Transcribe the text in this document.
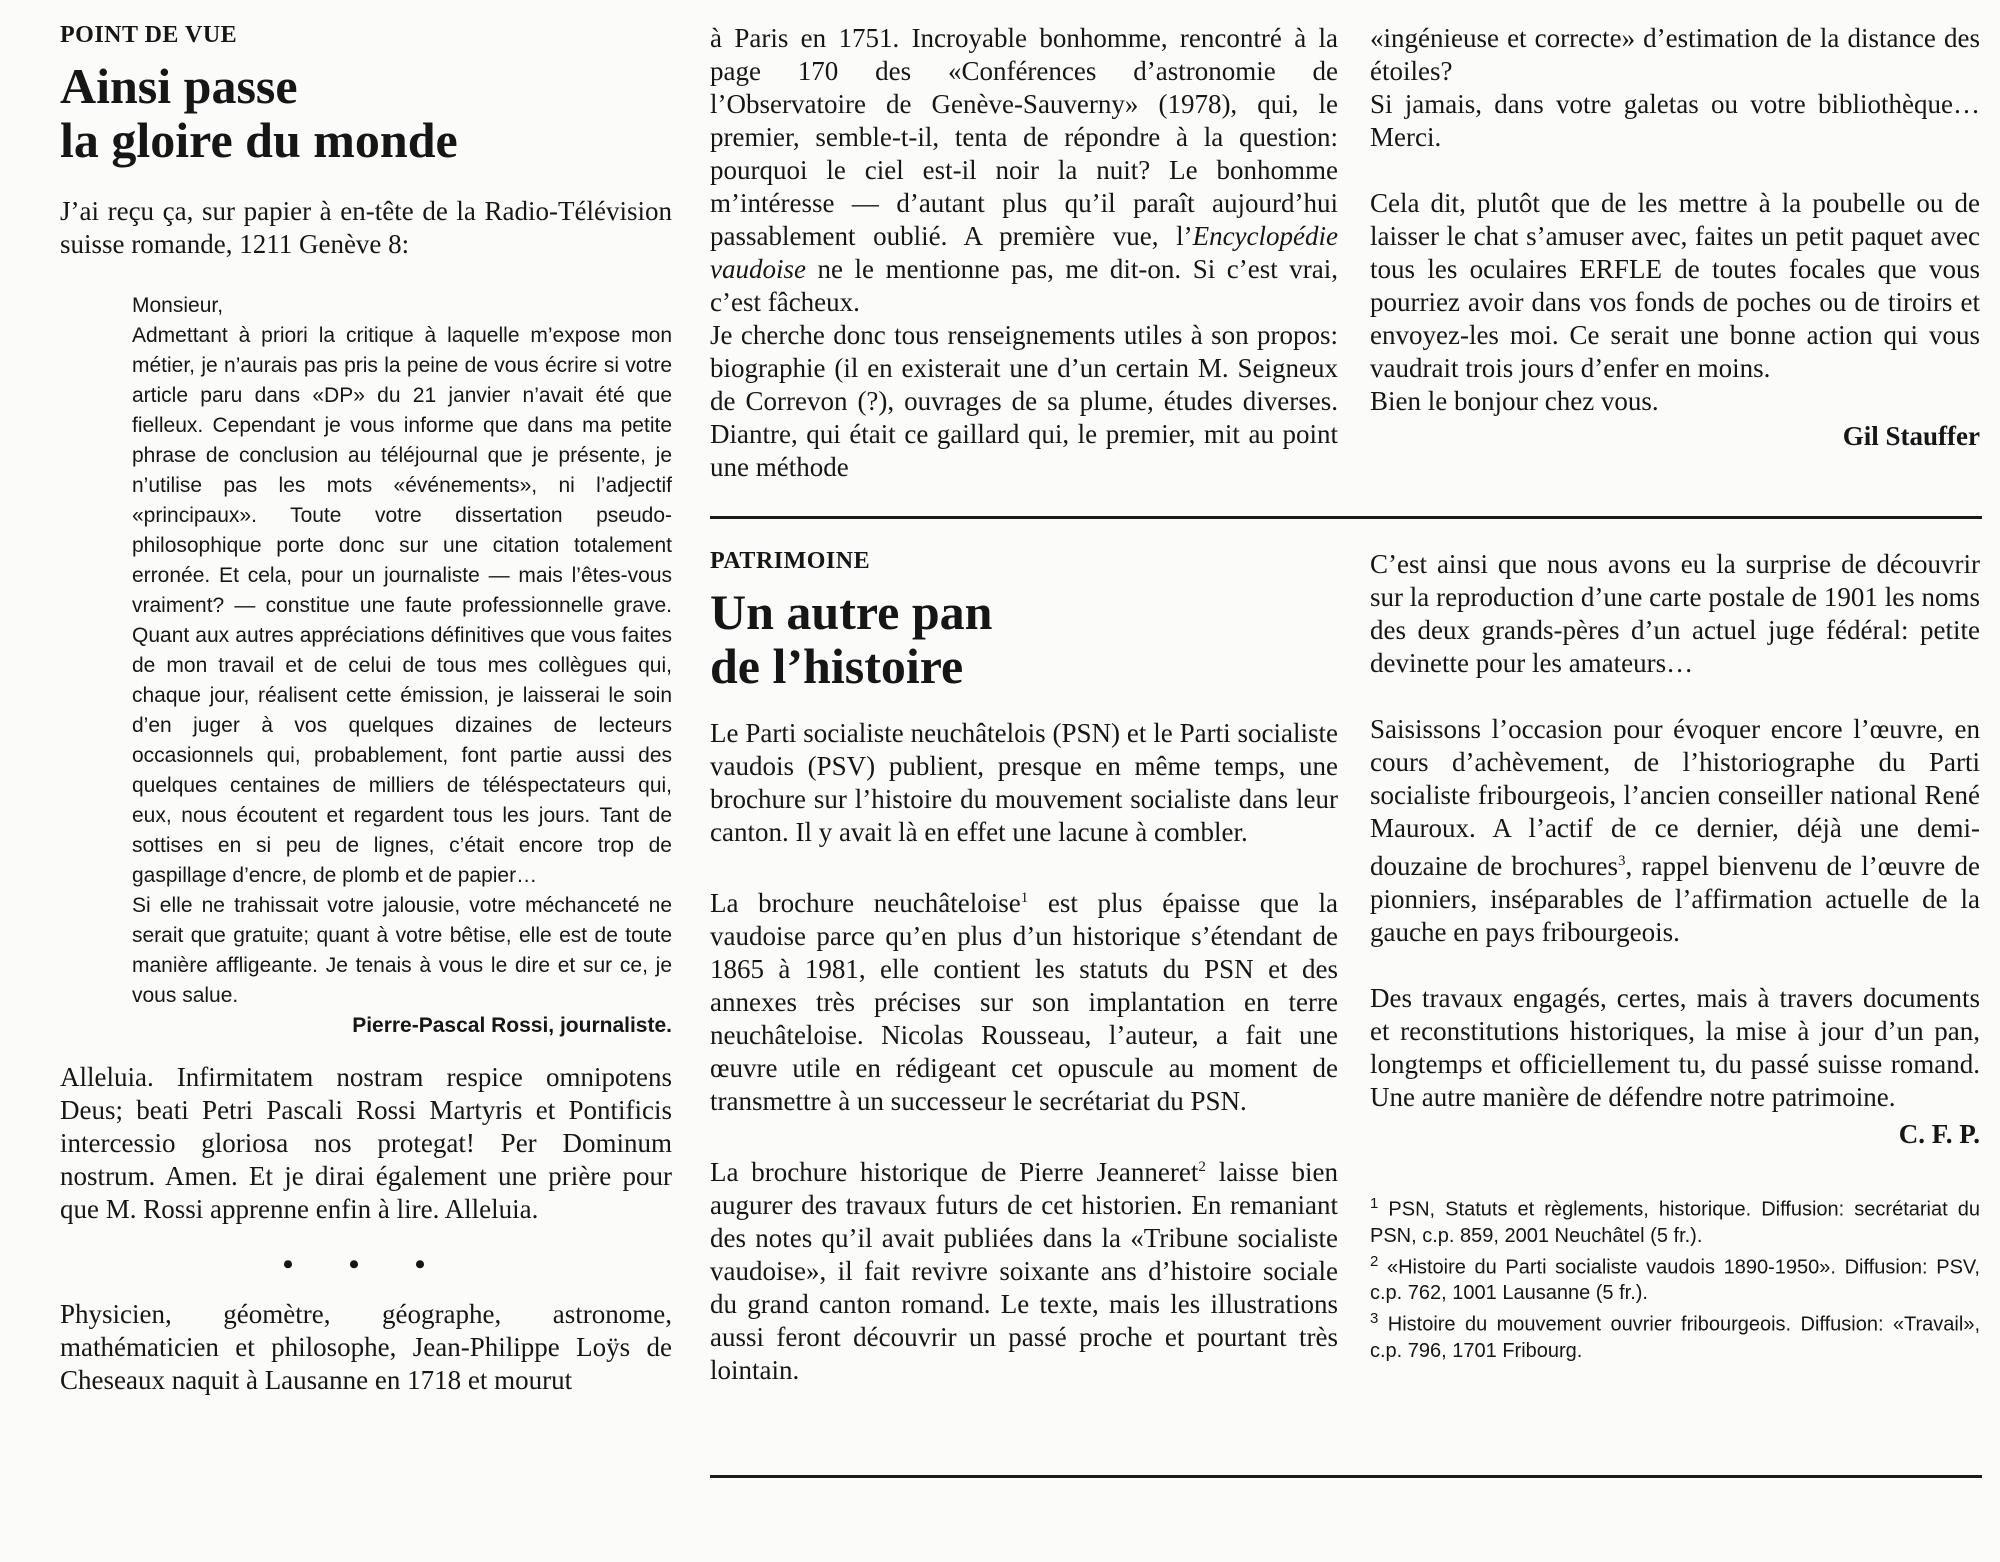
POINT DE VUE
Ainsi passe
la gloire du monde

J’ai reçu ça, sur papier à en-tête de la Radio-Télévision suisse romande, 1211 Genève 8:

Monsieur,

Admettant à priori la critique à laquelle m’expose mon métier, je n’aurais pas pris la peine de vous écrire si votre article paru dans «DP» du 21 janvier n’avait été que fielleux. Cependant je vous informe que dans ma petite phrase de conclusion au téléjournal que je présente, je n’utilise pas les mots «événements», ni l’adjectif «principaux». Toute votre dissertation pseudo-philosophique porte donc sur une citation totalement erronée. Et cela, pour un journaliste — mais l’êtes-vous vraiment? — constitue une faute professionnelle grave. Quant aux autres appréciations définitives que vous faites de mon travail et de celui de tous mes collègues qui, chaque jour, réalisent cette émission, je laisserai le soin d’en juger à vos quelques dizaines de lecteurs occasionnels qui, probablement, font partie aussi des quelques centaines de milliers de téléspectateurs qui, eux, nous écoutent et regardent tous les jours. Tant de sottises en si peu de lignes, c’était encore trop de gaspillage d’encre, de plomb et de papier…

Si elle ne trahissait votre jalousie, votre méchanceté ne serait que gratuite; quant à votre bêtise, elle est de toute manière affligeante. Je tenais à vous le dire et sur ce, je vous salue.

Pierre-Pascal Rossi, journaliste.

Alleluia. Infirmitatem nostram respice omnipotens Deus; beati Petri Pascali Rossi Martyris et Pontificis intercessio gloriosa nos protegat! Per Dominum nostrum. Amen. Et je dirai également une prière pour que M. Rossi apprenne enfin à lire. Alleluia.

• • •

Physicien, géomètre, géographe, astronome, mathématicien et philosophe, Jean-Philippe Loÿs de Cheseaux naquit à Lausanne en 1718 et mourut

à Paris en 1751. Incroyable bonhomme, rencontré à la page 170 des «Conférences d’astronomie de l’Observatoire de Genève-Sauverny» (1978), qui, le premier, semble-t-il, tenta de répondre à la question: pourquoi le ciel est-il noir la nuit? Le bonhomme m’intéresse — d’autant plus qu’il paraît aujourd’hui passablement oublié. A première vue, l’Encyclopédie vaudoise ne le mentionne pas, me dit-on. Si c’est vrai, c’est fâcheux.

Je cherche donc tous renseignements utiles à son propos: biographie (il en existerait une d’un certain M. Seigneux de Correvon (?), ouvrages de sa plume, études diverses. Diantre, qui était ce gaillard qui, le premier, mit au point une méthode

«ingénieuse et correcte» d’estimation de la distance des étoiles?

Si jamais, dans votre galetas ou votre bibliothèque… Merci.

Cela dit, plutôt que de les mettre à la poubelle ou de laisser le chat s’amuser avec, faites un petit paquet avec tous les oculaires ERFLE de toutes focales que vous pourriez avoir dans vos fonds de poches ou de tiroirs et envoyez-les moi. Ce serait une bonne action qui vous vaudrait trois jours d’enfer en moins.

Bien le bonjour chez vous.

Gil Stauffer

PATRIMOINE
Un autre pan
de l’histoire

Le Parti socialiste neuchâtelois (PSN) et le Parti socialiste vaudois (PSV) publient, presque en même temps, une brochure sur l’histoire du mouvement socialiste dans leur canton. Il y avait là en effet une lacune à combler.

La brochure neuchâteloise$^1$ est plus épaisse que la vaudoise parce qu’en plus d’un historique s’étendant de 1865 à 1981, elle contient les statuts du PSN et des annexes très précises sur son implantation en terre neuchâteloise. Nicolas Rousseau, l’auteur, a fait une œuvre utile en rédigeant cet opuscule au moment de transmettre à un successeur le secrétariat du PSN.

La brochure historique de Pierre Jeanneret$^2$ laisse bien augurer des travaux futurs de cet historien. En remaniant des notes qu’il avait publiées dans la «Tribune socialiste vaudoise», il fait revivre soixante ans d’histoire sociale du grand canton romand. Le texte, mais les illustrations aussi feront découvrir un passé proche et pourtant très lointain.

C’est ainsi que nous avons eu la surprise de découvrir sur la reproduction d’une carte postale de 1901 les noms des deux grands-pères d’un actuel juge fédéral: petite devinette pour les amateurs…

Saisissons l’occasion pour évoquer encore l’œuvre, en cours d’achèvement, de l’historiographe du Parti socialiste fribourgeois, l’ancien conseiller national René Mauroux. A l’actif de ce dernier, déjà une demi-douzaine de brochures$^3$, rappel bienvenu de l’œuvre de pionniers, inséparables de l’affirmation actuelle de la gauche en pays fribourgeois.

Des travaux engagés, certes, mais à travers documents et reconstitutions historiques, la mise à jour d’un pan, longtemps et officiellement tu, du passé suisse romand. Une autre manière de défendre notre patrimoine.

C. F. P.

$^1$ PSN, Statuts et règlements, historique. Diffusion: secrétariat du PSN, c.p. 859, 2001 Neuchâtel (5 fr.).

$^2$ «Histoire du Parti socialiste vaudois 1890-1950». Diffusion: PSV, c.p. 762, 1001 Lausanne (5 fr.).

$^3$ Histoire du mouvement ouvrier fribourgeois. Diffusion: «Travail», c.p. 796, 1701 Fribourg.
